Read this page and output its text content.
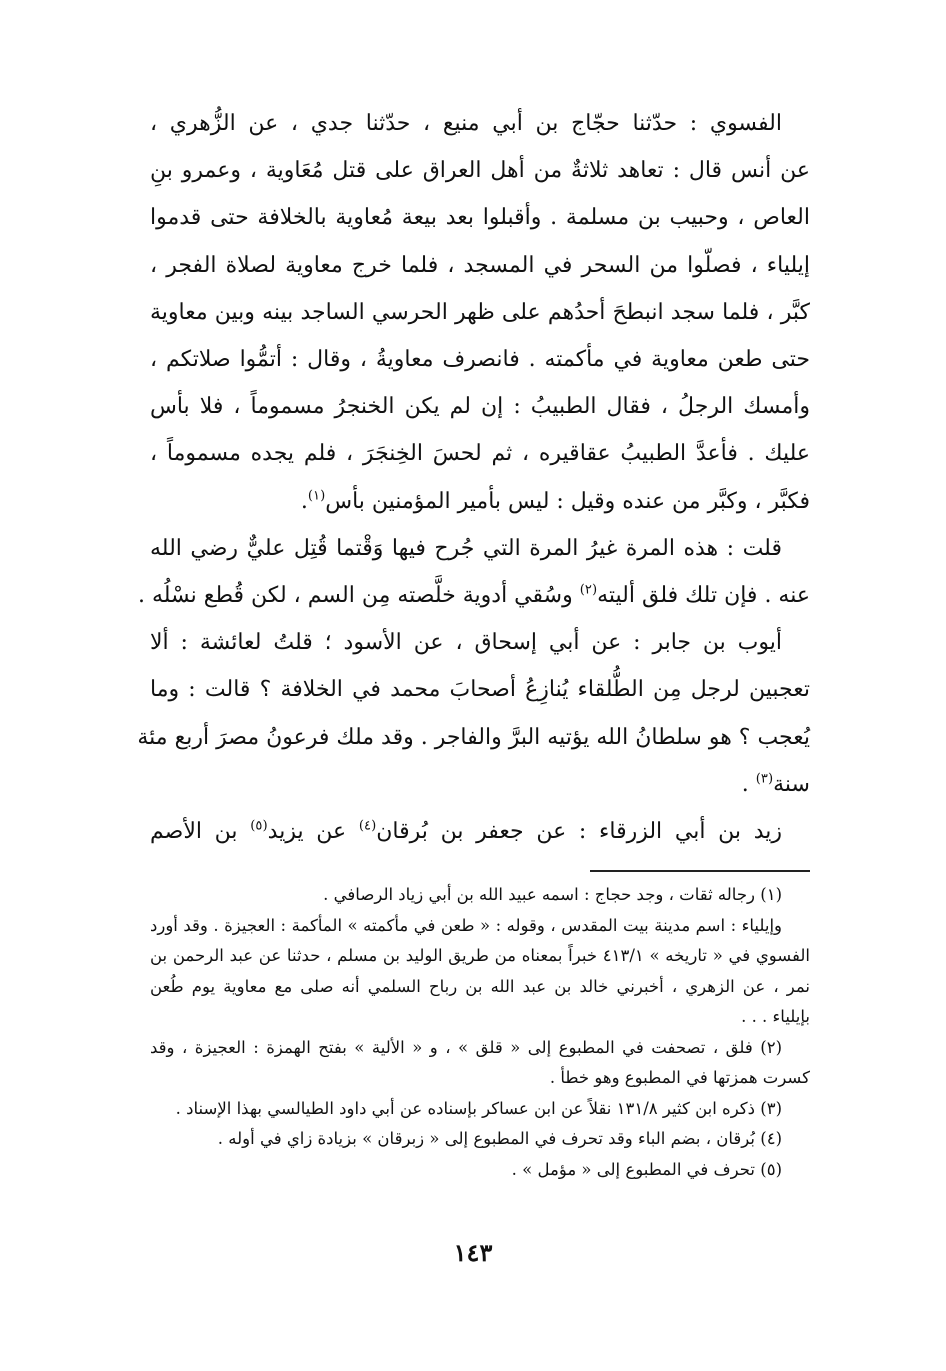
الفسوي : حدّثنا حجّاج بن أبي منيع ، حدّثنا جدي ، عن الزُّهري ،
عن أنس قال : تعاهد ثلاثةٌ من أهل العراق على قتل مُعَاوية ، وعمرو بنِ
العاص ، وحبيب بن مسلمة . وأقبلوا بعد بيعة مُعاوية بالخلافة حتى قدموا
إيلياء ، فصلّوا من السحر في المسجد ، فلما خرج معاوية لصلاة الفجر ،
كبَّر ، فلما سجد انبطحَ أحدُهم على ظهر الحرسي الساجد بينه وبين معاوية
حتى طعن معاوية في مأكمته . فانصرف معاويةُ ، وقال : أتمُّوا صلاتكم ،
وأمسك الرجلُ ، فقال الطبيبُ : إن لم يكن الخنجرُ مسموماً ، فلا بأس
عليك . فأعدَّ الطبيبُ عقاقيره ، ثم لحسَ الخِنجَرَ ، فلم يجده مسموماً ،
فكبَّر ، وكبَّر من عنده وقيل : ليس بأمير المؤمنين بأس$^{(١)}$.

قلت : هذه المرة غيرُ المرة التي جُرح فيها وَقْتما قُتِل عليٌّ رضي الله
عنه . فإن تلك فلق أليته$^{(٢)}$ وسُقي أدوية خلَّصته مِن السم ، لكن قُطع نسْلُه .

أيوب بن جابر : عن أبي إسحاق ، عن الأسود ؛ قلتُ لعائشة : ألا
تعجبين لرجل مِن الطُّلقاء يُنازِعُ أصحابَ محمد في الخلافة ؟ قالت : وما
يُعجب ؟ هو سلطانُ الله يؤتيه البرَّ والفاجر . وقد ملك فرعونُ مصرَ أربع مئة
سنة$^{(٣)}$ .

زيد بن أبي الزرقاء : عن جعفر بن بُرقان$^{(٤)}$ عن يزيد$^{(٥)}$ بن الأصم

(١) رجاله ثقات ، وجد حجاج : اسمه عبيد الله بن أبي زياد الرصافي .
وإيلياء : اسم مدينة بيت المقدس ، وقوله : « طعن في مأكمته » المأكمة : العجيزة . وقد أورد
الفسوي في « تاريخه » ٤١٣/١ خبراً بمعناه من طريق الوليد بن مسلم ، حدثنا عن عبد الرحمن بن
نمر ، عن الزهري ، أخبرني خالد بن عبد الله بن رباح السلمي أنه صلى مع معاوية يوم طُعن
بإيلياء . . .

(٢) فلق ، تصحفت في المطبوع إلى « قلق » ، و « الألية » بفتح الهمزة : العجيزة ، وقد
كسرت همزتها في المطبوع وهو خطأ .

(٣) ذكره ابن كثير ١٣١/٨ نقلاً عن ابن عساكر بإسناده عن أبي داود الطيالسي بهذا الإسناد .

(٤) بُرقان ، بضم الباء وقد تحرف في المطبوع إلى « زبرقان » بزيادة زاي في أوله .

(٥) تحرف في المطبوع إلى « مؤمل » .

١٤٣
